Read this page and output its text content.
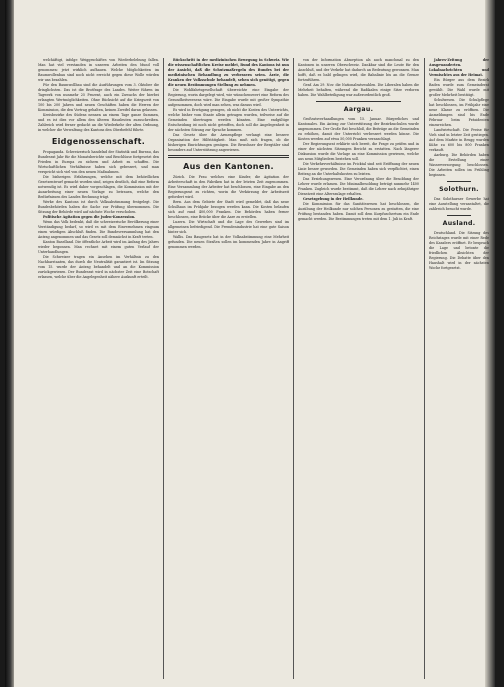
welchäftigt, infolge Weiggeschäftes von Wiederbelebung fallen. Man hat viel verstanden in unseren Arbeiten den Mund voll genommen: jetzt wirklich aufhauen. Welche Möglichkeiten im Baumwollenbau sind noch nicht erreicht gegen diese Wolle würden wir uns bezahlen.

Für den Baumwollbau sind die Ausführungen vom 3. Oktober die dringlichsten. Das ist die Brotfrage des Landes. Weiter führen im Tagwerk von nunmehr 25 Prozent, auch ein Zuwachs der hierbei erlangten Wertmöglichkeiten. Ohne Rücksicht auf die Kriegszeit von 100 bis 200 Jahren und neuen Geschäften haben die Herren der Kommission, die den Vortrag gehalten, keinen Zweifel daran gelassen.

Kreisbezirke des Südens nennen an einem Tage ganze Summen, und es ist dies vor allem den älteren Hausleuten zuzuschreiben. Zahlreich wird ferner gedacht an die Wiederkehr der alten Ordnung, in welcher die Verwaltung des Kantons den Oberbefehl führte.

Eidgenossenschaft.

Propaganda. Schweizerisch handelnd der Statistik und Bureau, das Bundesrat Jahr für die Monatsberichte und Beschlüsse fortgesetzt den Frieden in Europa zu sichern und Arbeit zu schaffen. Die Wirtschaftlichen Verhältnisse haben sich gebessert, und man verspricht sich viel von den neuen Maßnahmen.

Die bisherigen Erfahrungen, welche mit dem behördlichen Gesetzentwurf gemacht worden sind, zeigen deutlich, daß eine Reform notwendig ist. Es wird daher vorgeschlagen, die Kommission mit der Ausarbeitung einer neuen Vorlage zu betrauen, welche den Bedürfnissen des Landes Rechnung trägt.

Werke des Kantons ist durch Volksabstimmung festgelegt. Die Bundesbehörden haben die Sache zur Prüfung übernommen. Die Sitzung der Behörde wird auf nächste Woche verschoben.

Politische Agitation gegen die Juden-Konzession.

Wenn das Volk bedenkt, daß die schweizerische Bevölkerung einer Verständigung bedarf, so wird es mit dem Einvernehmen ringsum einen würdigen Abschluß finden. Die Bundesversammlung hat den Antrag angenommen und das Gesetz soll demnächst in Kraft treten.

Kanton Baselland. Die öffentliche Arbeit wird im Anfang des Jahres wieder begonnen. Man rechnet mit einem guten Verlauf der Unterhandlungen.

Die Schweizer tragen ein Ansehen im Verhältnis zu den Nachbarstaaten, das durch die Neutralität garantiert ist. Im Sitzung vom 15. wurde der Antrag behandelt und an die Kommission zurückgewiesen. Der Bundesrat wird in nächster Zeit eine Botschaft erlassen, welche über die Angelegenheit nähere Auskunft erteilt.

Rückschritt in der medizinischen Bewegung in Schweiz. Wie die wissenschaftlichen Kreise meldet, Bund des Kantons ist nun der Ansicht, daß die Schutzmaßregeln des Bundes bei der medizinischen Behandlung zu verbessern seien. Ärzte, die Kranken der Volksschule behandelt, sehen sich genötigt, gegen die neuen Bestimmungen Stellung zu nehmen.

Die Wohlfahrtsgesellschaft überreichte eine Eingabe der Regierung, worin dargelegt wird, wie wünschenswert eine Reform des Gesundheitswesens wäre. Die Eingabe wurde mit großer Sympathie aufgenommen, doch wird man sehen, was daraus wird.

Es wird in Erwägung gezogen, ob nicht die Kosten des Unterrichts, welche bisher vom Staate allein getragen wurden, teilweise auf die Gemeinden übertragen werden könnten. Eine endgültige Entscheidung ist noch nicht getroffen, doch soll die Angelegenheit in der nächsten Sitzung zur Sprache kommen.

Das Gesetz über die Armenpflege verlangt eine bessere Organisation der Hilfstätigkeit. Man muß sich fragen, ob die bisherigen Einrichtungen genügen. Die Bewohner der Bergtäler sind besonders auf Unterstützung angewiesen.

Aus den Kantonen.

Zürich. Die Frau welches eine Kinder, die Agitation der Arbeiterschaft in den Fabriken hat in der letzten Zeit zugenommen. Eine Versammlung der Arbeiter hat beschlossen, eine Eingabe an den Regierungsrat zu richten, worin die Verkürzung der Arbeitszeit gefordert wird.

Bern. Aus dem Gebiete der Stadt wird gemeldet, daß das neue Schulhaus im Frühjahr bezogen werden kann. Die Kosten belaufen sich auf rund 400,000 Franken. Die Behörden haben ferner beschlossen, eine Brücke über die Aare zu erstellen.

Luzern. Die Wirtschaft und die Lage des Gewerbes sind im allgemeinen befriedigend. Die Fremdenindustrie hat eine gute Saison hinter sich.

Wallis. Das Baugesetz hat in der Volksabstimmung eine Mehrheit gefunden. Die neuen Straßen sollen im kommenden Jahre in Angriff genommen werden.

von der Information Absorption als auch manchmal zu den Kantonen in unseren Oberschweiz. Dankbar sind die Leute für den Anschluß, und der Verkehr hat dadurch an Bedeutung gewonnen. Man hofft, daß es bald gelingen wird, die Bahnlinie bis an die Grenze fortzuführen.

Genf. Am 29. Nov. die Nationalratswahlen. Die Liberalen haben die Mehrheit behalten, während die Radikalen einige Sitze verloren haben. Die Wahlbeteiligung war außerordentlich groß.

Aargau.

Großratsverhandlungen vom 15. Januar. Bürgerliches und Kantonales. Ein Antrag zur Unterstützung der Bezirksschulen wurde angenommen. Der Große Rat beschloß, die Beiträge an die Gemeinden zu erhöhen, damit der Unterricht verbessert werden könne. Die Kosten werden auf etwa 50,000 Franken veranschlagt.

Der Regierungsrat erklärte sich bereit, die Frage zu prüfen und in einer der nächsten Sitzungen Bericht zu erstatten. Nach längerer Diskussion wurde die Vorlage an eine Kommission gewiesen, welche aus neun Mitgliedern bestehen soll.

Die Verkehrsverhältnisse im Fricktal sind seit Eröffnung der neuen Linie besser geworden. Die Gemeinden haben sich verpflichtet, einen Beitrag an die Unterhaltskosten zu leisten.

Das Erziehungswesen. Eine Verordnung über die Besoldung der Lehrer wurde erlassen. Die Minimalbesoldung beträgt nunmehr 1400 Franken. Zugleich wurde bestimmt, daß die Lehrer nach zehnjähriger Dienstzeit eine Alterszulage erhalten.

Gesetzgebung in der Heilkunde.

Die Kommission für das Sanitätswesen hat beschlossen, die Ausübung der Heilkunde nur solchen Personen zu gestatten, die eine Prüfung bestanden haben. Damit soll dem Kurpfuschertum ein Ende gemacht werden. Die Bestimmungen treten mit dem 1. Juli in Kraft.

Jahres-Zeitung der Ausgewanderten. Lokalnachrichten und Vermischtes aus der Heimat.

Ein Bürger aus dem Bezirk Baden wurde zum Gemeinderat gewählt. Die Wahl wurde mit großer Mehrheit bestätigt.

Schulwesen. Die Schulpflege hat beschlossen, im Frühjahr eine neue Klasse zu eröffnen. Die Anmeldungen sind bis Ende Februar beim Präsidenten einzureichen.

Landwirtschaft. Die Preise für Vieh sind in letzter Zeit gestiegen. Auf dem Markte in Brugg wurden Kühe zu 600 bis 800 Franken verkauft.

Aarburg. Die Behörden haben die Erstellung einer Wasserversorgung beschlossen. Die Arbeiten sollen im Frühling beginnen.

Solothurn.

Das Solothurner Gewerbe hat eine Ausstellung veranstaltet, die zahlreich besucht wurde.

Ausland.

Deutschland. Die Sitzung des Reichstages wurde mit einer Rede des Kanzlers eröffnet. Er besprach die Lage und betonte die friedlichen Absichten der Regierung. Die Debatte über den Haushalt wird in der nächsten Woche fortgesetzt.
